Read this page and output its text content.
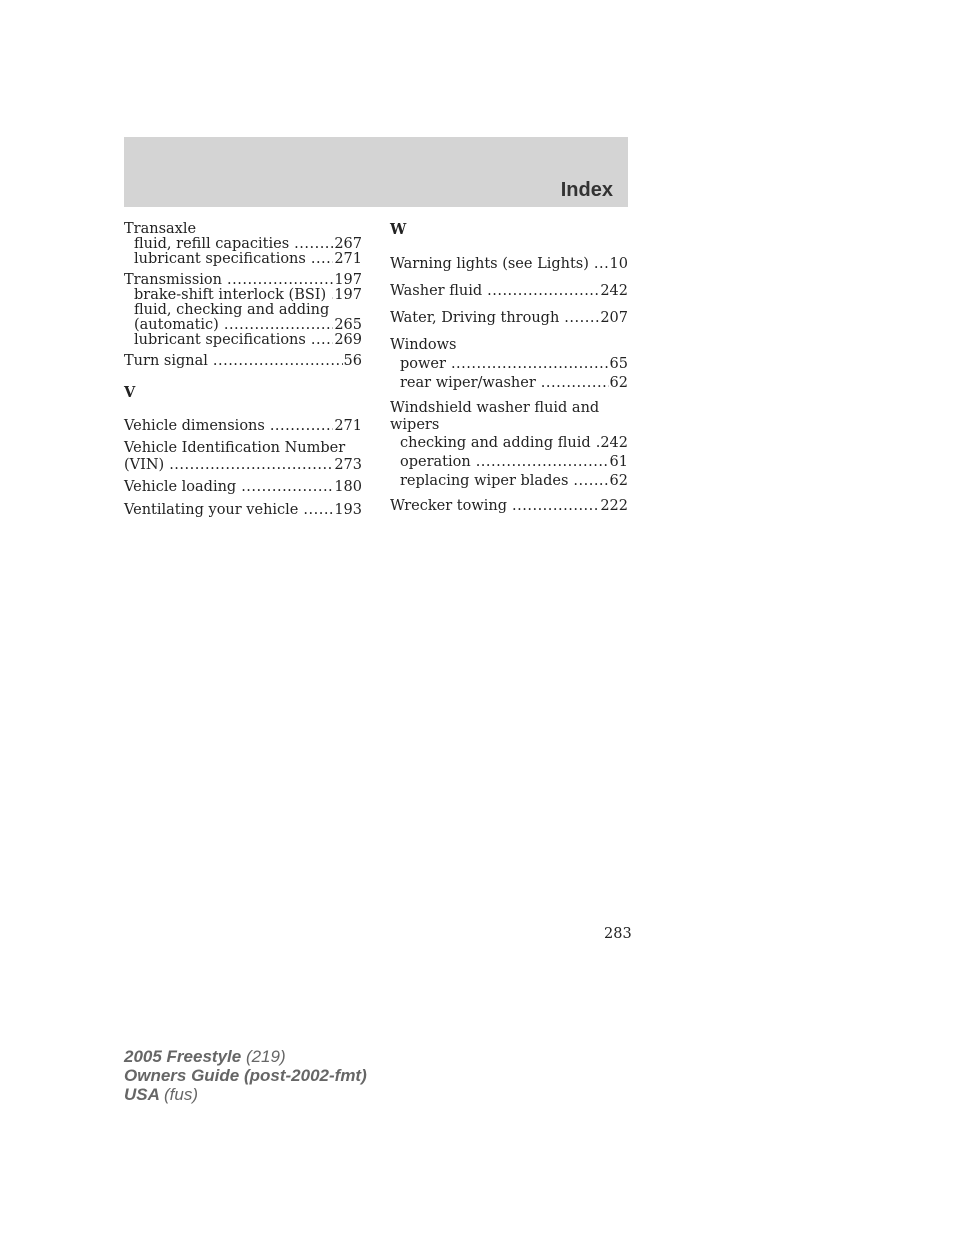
Index
Transaxle
fluid, refill capacities .....	267
lubricant specifications ..... 271
Transmission .....	197
brake-shift interlock (BSI) ..... 197
fluid, checking and adding
(automatic) .....	265
lubricant specifications ..... 269
Turn signal .....	56
V
Vehicle dimensions .....	271
Vehicle Identification Number
(VIN) .....	273
Vehicle loading .....	180
Ventilating your vehicle ..... 193
W
Warning lights (see Lights) ..... 10
Washer fluid .....	242
Water, Driving through .....	207
Windows
power .....	65
rear wiper/washer .....	62
Windshield washer fluid and
wipers
checking and adding fluid ..... 242
operation .....	61
replacing wiper blades .....	62
Wrecker towing .....	222
283
2005 Freestyle (219)
Owners Guide (post-2002-fmt)
USA (fus)
